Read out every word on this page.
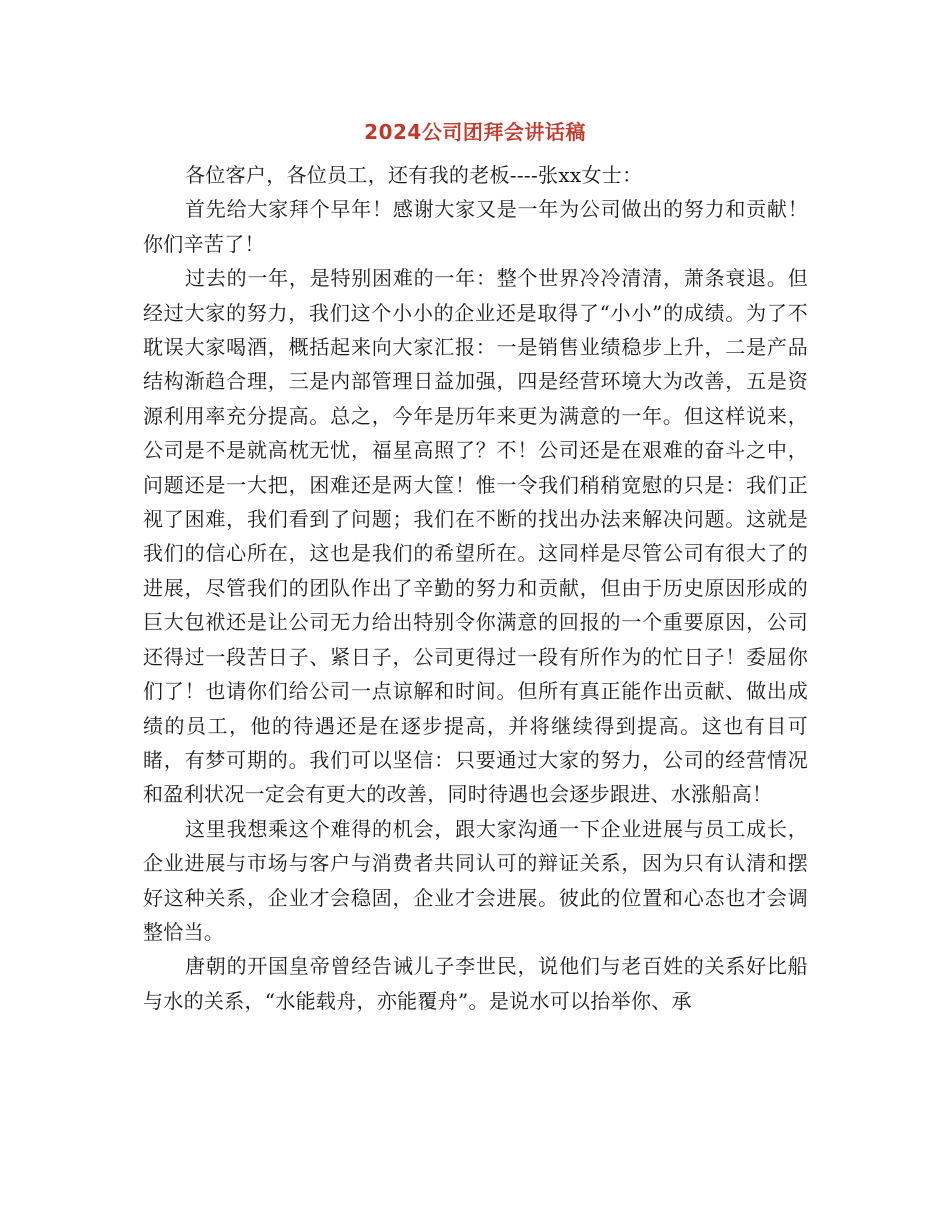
2024公司团拜会讲话稿

各位客户，各位员工，还有我的老板----张xx女士：

首先给大家拜个早年！感谢大家又是一年为公司做出的努力和贡献！你们辛苦了！

过去的一年，是特别困难的一年：整个世界冷冷清清，萧条衰退。但经过大家的努力，我们这个小小的企业还是取得了“小小”的成绩。为了不耽误大家喝酒，概括起来向大家汇报：一是销售业绩稳步上升，二是产品结构渐趋合理，三是内部管理日益加强，四是经营环境大为改善，五是资源利用率充分提高。总之，今年是历年来更为满意的一年。但这样说来，公司是不是就高枕无忧，福星高照了？不！公司还是在艰难的奋斗之中，问题还是一大把，困难还是两大筐！惟一令我们稍稍宽慰的只是：我们正视了困难，我们看到了问题；我们在不断的找出办法来解决问题。这就是我们的信心所在，这也是我们的希望所在。这同样是尽管公司有很大了的进展，尽管我们的团队作出了辛勤的努力和贡献，但由于历史原因形成的巨大包袱还是让公司无力给出特别令你满意的回报的一个重要原因，公司还得过一段苦日子、紧日子，公司更得过一段有所作为的忙日子！委屈你们了！也请你们给公司一点谅解和时间。但所有真正能作出贡献、做出成绩的员工，他的待遇还是在逐步提高，并将继续得到提高。这也有目可睹，有梦可期的。我们可以坚信：只要通过大家的努力，公司的经营情况和盈利状况一定会有更大的改善，同时待遇也会逐步跟进、水涨船高！

这里我想乘这个难得的机会，跟大家沟通一下企业进展与员工成长，企业进展与市场与客户与消费者共同认可的辩证关系，因为只有认清和摆好这种关系，企业才会稳固，企业才会进展。彼此的位置和心态也才会调整恰当。

唐朝的开国皇帝曾经告诫儿子李世民，说他们与老百姓的关系好比船与水的关系，“水能载舟，亦能覆舟”。是说水可以抬举你、承
